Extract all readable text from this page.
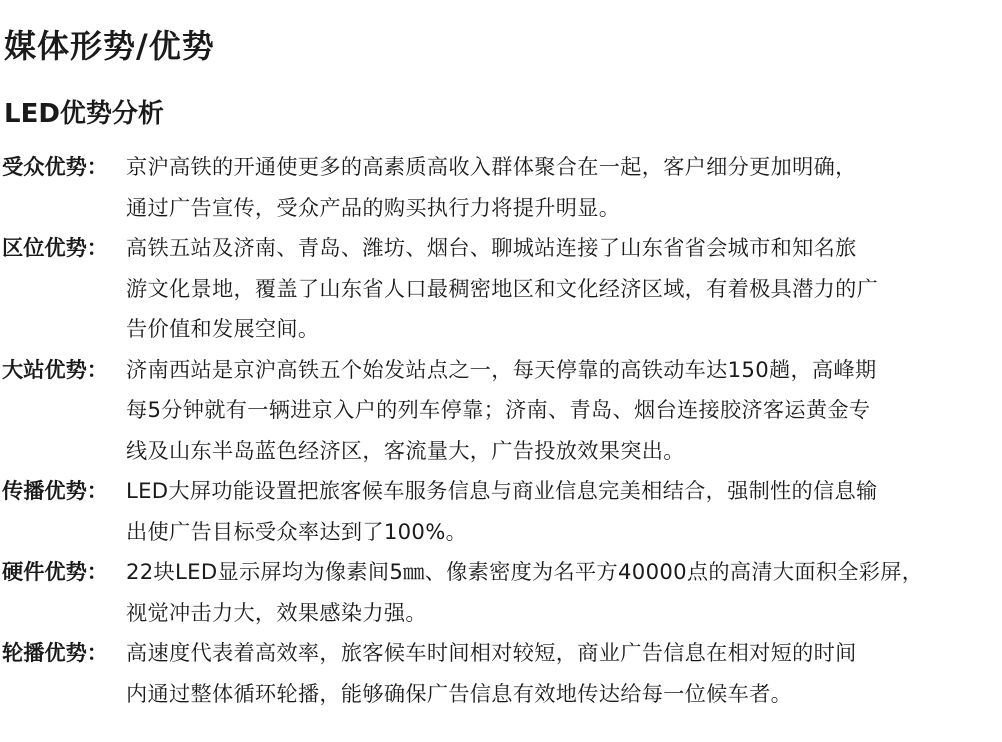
媒体形势/优势
LED优势分析
受众优势： 京沪高铁的开通使更多的高素质高收入群体聚合在一起，客户细分更加明确，
通过广告宣传，受众产品的购买执行力将提升明显。
区位优势： 高铁五站及济南、青岛、潍坊、烟台、聊城站连接了山东省省会城市和知名旅
游文化景地，覆盖了山东省人口最稠密地区和文化经济区域，有着极具潜力的广
告价值和发展空间。
大站优势： 济南西站是京沪高铁五个始发站点之一，每天停靠的高铁动车达150趟，高峰期
每5分钟就有一辆进京入户的列车停靠；济南、青岛、烟台连接胶济客运黄金专
线及山东半岛蓝色经济区，客流量大，广告投放效果突出。
传播优势： LED大屏功能设置把旅客候车服务信息与商业信息完美相结合，强制性的信息输
出使广告目标受众率达到了100%。
硬件优势： 22块LED显示屏均为像素间5㎜、像素密度为名平方40000点的高清大面积全彩屏，
视觉冲击力大，效果感染力强。
轮播优势： 高速度代表着高效率，旅客候车时间相对较短，商业广告信息在相对短的时间
内通过整体循环轮播，能够确保广告信息有效地传达给每一位候车者。
